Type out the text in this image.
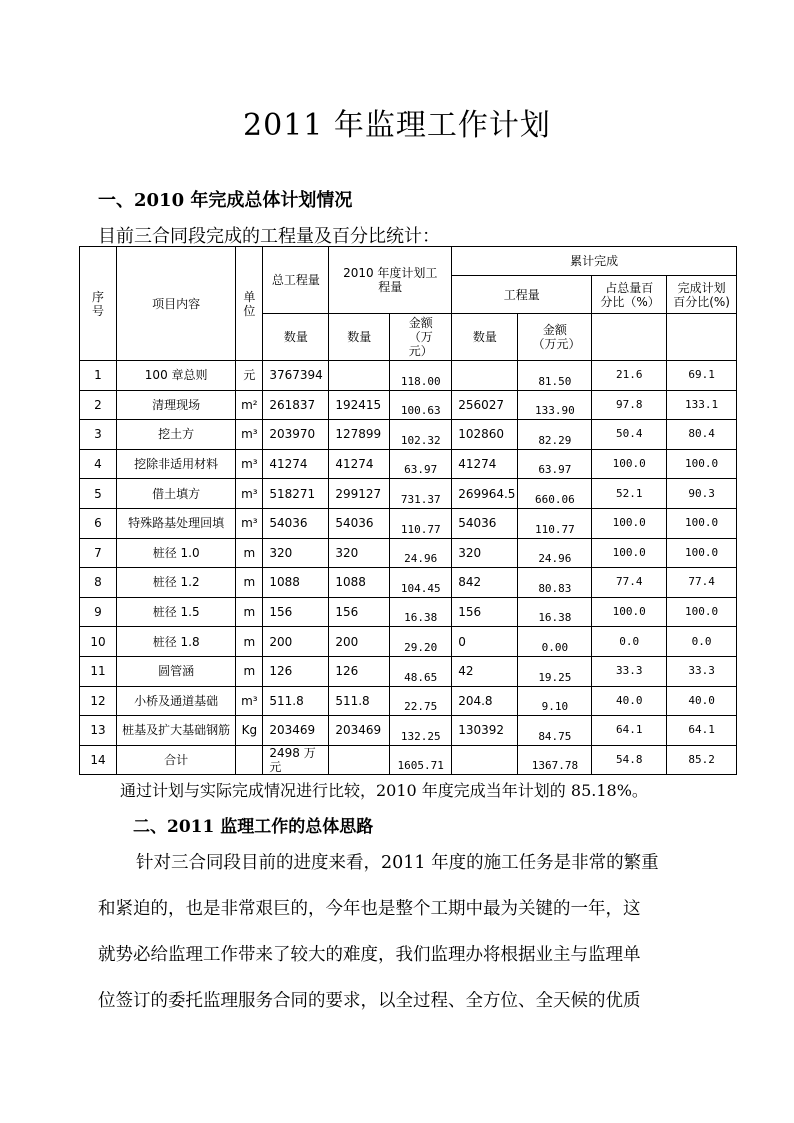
2011 年监理工作计划
一、2010 年完成总体计划情况
目前三合同段完成的工程量及百分比统计：
序号	项目内容	单位	总工程量	2010 年度计划工程量		累计完成			
						工程量		占总量百分比（%）	完成计划百分比(%)
			数量	数量	金额（万元）	数量	金额（万元）		
1	100 章总则	元	3767394		118.00		81.50	21.6	69.1
2	清理现场	m²	261837	192415	100.63	256027	133.90	97.8	133.1
3	挖土方	m³	203970	127899	102.32	102860	82.29	50.4	80.4
4	挖除非适用材料	m³	41274	41274	63.97	41274	63.97	100.0	100.0
5	借土填方	m³	518271	299127	731.37	269964.5	660.06	52.1	90.3
6	特殊路基处理回填	m³	54036	54036	110.77	54036	110.77	100.0	100.0
7	桩径 1.0	m	320	320	24.96	320	24.96	100.0	100.0
8	桩径 1.2	m	1088	1088	104.45	842	80.83	77.4	77.4
9	桩径 1.5	m	156	156	16.38	156	16.38	100.0	100.0
10	桩径 1.8	m	200	200	29.20	0	0.00	0.0	0.0
11	圆管涵	m	126	126	48.65	42	19.25	33.3	33.3
12	小桥及通道基础	m³	511.8	511.8	22.75	204.8	9.10	40.0	40.0
13	桩基及扩大基础钢筋	Kg	203469	203469	132.25	130392	84.75	64.1	64.1
14	合计		2498 万元		1605.71		1367.78	54.8	85.2
通过计划与实际完成情况进行比较，2010 年度完成当年计划的 85.18%。
二、2011 监理工作的总体思路
针对三合同段目前的进度来看，2011 年度的施工任务是非常的繁重
和紧迫的，也是非常艰巨的，今年也是整个工期中最为关键的一年，这
就势必给监理工作带来了较大的难度，我们监理办将根据业主与监理单
位签订的委托监理服务合同的要求，以全过程、全方位、全天候的优质
